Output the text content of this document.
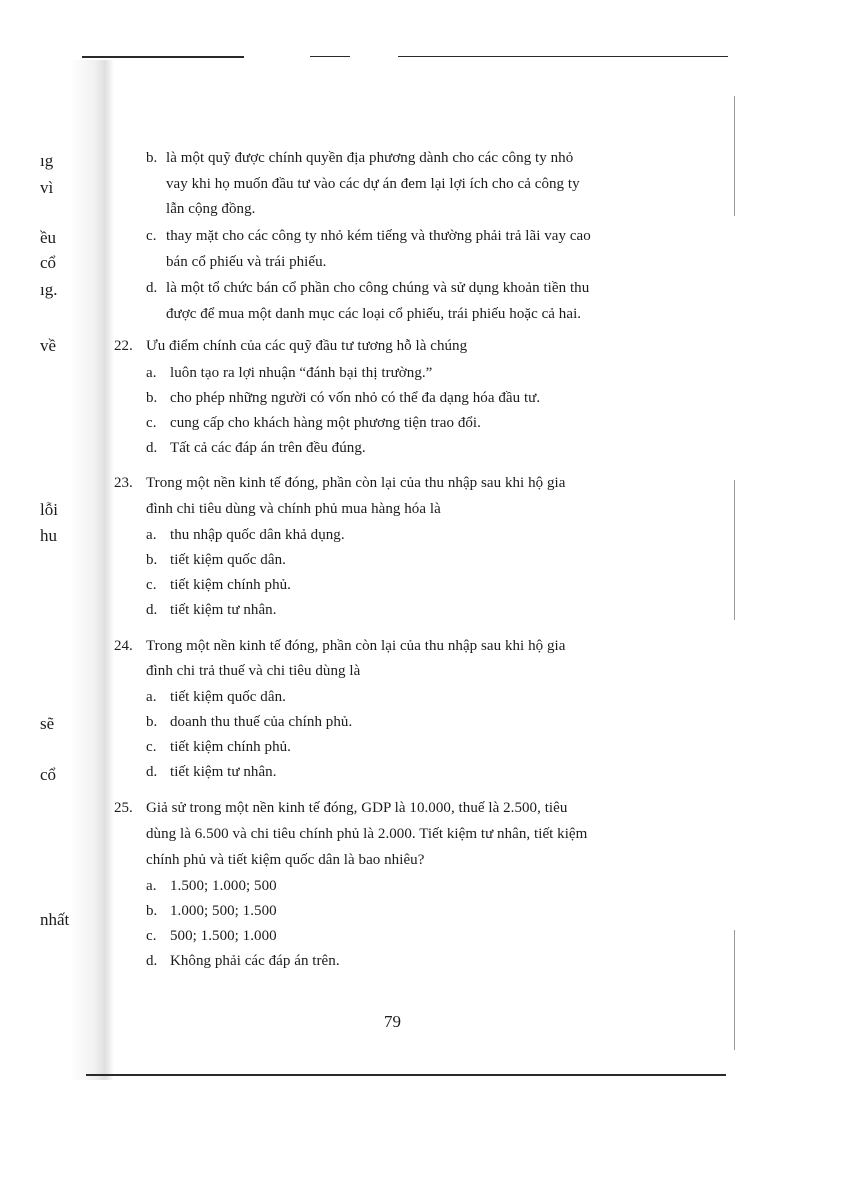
ıg
vì
ều
cổ
ıg.
về
lỗi
hu
sẽ
cổ
nhất
b. là một quỹ được chính quyền địa phương dành cho các công ty nhỏ
vay khi họ muốn đầu tư vào các dự án đem lại lợi ích cho cả công ty
lẫn cộng đồng.
c. thay mặt cho các công ty nhỏ kém tiếng và thường phải trả lãi vay cao
bán cổ phiếu và trái phiếu.
d. là một tổ chức bán cổ phần cho công chúng và sử dụng khoản tiền thu
được để mua một danh mục các loại cổ phiếu, trái phiếu hoặc cả hai.
22. Ưu điểm chính của các quỹ đầu tư tương hỗ là chúng
a. luôn tạo ra lợi nhuận “đánh bại thị trường.”
b. cho phép những người có vốn nhỏ có thể đa dạng hóa đầu tư.
c. cung cấp cho khách hàng một phương tiện trao đổi.
d. Tất cả các đáp án trên đều đúng.
23. Trong một nền kinh tế đóng, phần còn lại của thu nhập sau khi hộ gia
đình chi tiêu dùng và chính phủ mua hàng hóa là
a. thu nhập quốc dân khả dụng.
b. tiết kiệm quốc dân.
c. tiết kiệm chính phủ.
d. tiết kiệm tư nhân.
24. Trong một nền kinh tế đóng, phần còn lại của thu nhập sau khi hộ gia
đình chi trả thuế và chi tiêu dùng là
a. tiết kiệm quốc dân.
b. doanh thu thuế của chính phủ.
c. tiết kiệm chính phủ.
d. tiết kiệm tư nhân.
25. Giả sử trong một nền kinh tế đóng, GDP là 10.000, thuế là 2.500, tiêu
dùng là 6.500 và chi tiêu chính phủ là 2.000. Tiết kiệm tư nhân, tiết kiệm
chính phủ và tiết kiệm quốc dân là bao nhiêu?
a. 1.500; 1.000; 500
b. 1.000; 500; 1.500
c. 500; 1.500; 1.000
d. Không phải các đáp án trên.
79
